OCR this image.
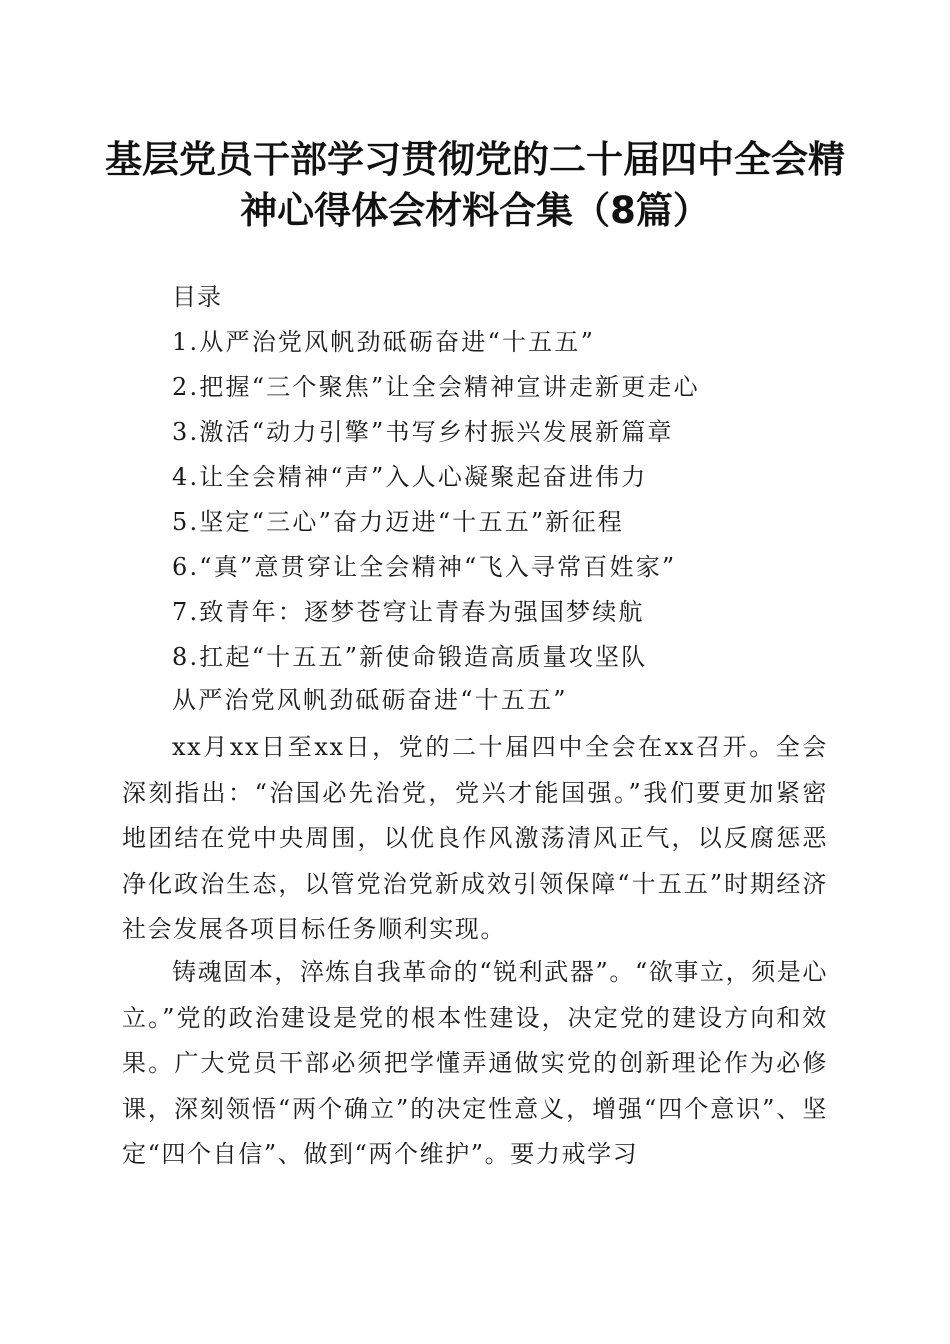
基层党员干部学习贯彻党的二十届四中全会精
神心得体会材料合集（8篇）
目录
1.从严治党风帆劲砥砺奋进“十五五”
2.把握“三个聚焦”让全会精神宣讲走新更走心
3.激活“动力引擎”书写乡村振兴发展新篇章
4.让全会精神“声”入人心凝聚起奋进伟力
5.坚定“三心”奋力迈进“十五五”新征程
6.“真”意贯穿让全会精神“飞入寻常百姓家”
7.致青年：逐梦苍穹让青春为强国梦续航
8.扛起“十五五”新使命锻造高质量攻坚队
从严治党风帆劲砥砺奋进“十五五”

xx月xx日至xx日，党的二十届四中全会在xx召开。全会深刻指出：“治国必先治党，党兴才能国强。”我们要更加紧密地团结在党中央周围，以优良作风激荡清风正气，以反腐惩恶净化政治生态，以管党治党新成效引领保障“十五五”时期经济社会发展各项目标任务顺利实现。

铸魂固本，淬炼自我革命的“锐利武器”。“欲事立，须是心立。”党的政治建设是党的根本性建设，决定党的建设方向和效果。广大党员干部必须把学懂弄通做实党的创新理论作为必修课，深刻领悟“两个确立”的决定性意义，增强“四个意识”、坚定“四个自信”、做到“两个维护”。要力戒学习
